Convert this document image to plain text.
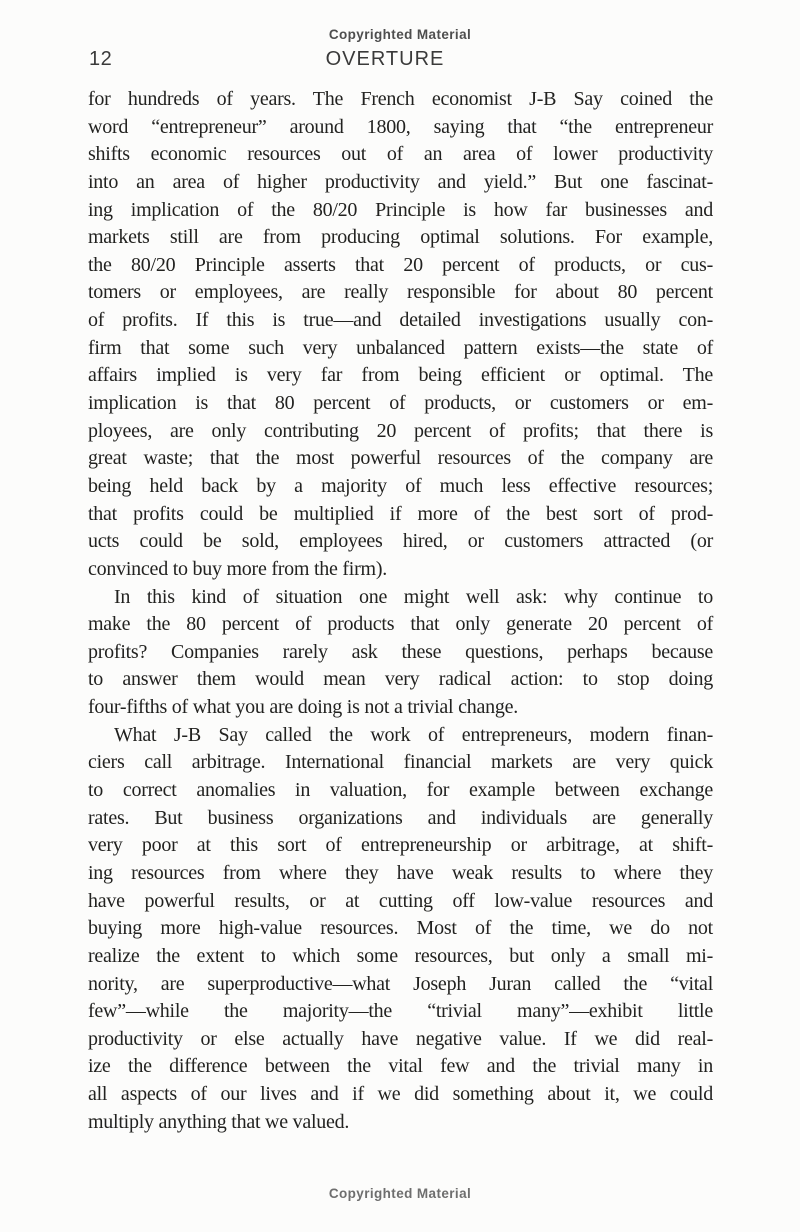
Copyrighted Material
12	OVERTURE
for hundreds of years. The French economist J-B Say coined the
word “entrepreneur” around 1800, saying that “the entrepreneur
shifts economic resources out of an area of lower productivity
into an area of higher productivity and yield.” But one fascinat-
ing implication of the 80/20 Principle is how far businesses and
markets still are from producing optimal solutions. For example,
the 80/20 Principle asserts that 20 percent of products, or cus-
tomers or employees, are really responsible for about 80 percent
of profits. If this is true—and detailed investigations usually con-
firm that some such very unbalanced pattern exists—the state of
affairs implied is very far from being efficient or optimal. The
implication is that 80 percent of products, or customers or em-
ployees, are only contributing 20 percent of profits; that there is
great waste; that the most powerful resources of the company are
being held back by a majority of much less effective resources;
that profits could be multiplied if more of the best sort of prod-
ucts could be sold, employees hired, or customers attracted (or
convinced to buy more from the firm).
In this kind of situation one might well ask: why continue to
make the 80 percent of products that only generate 20 percent of
profits? Companies rarely ask these questions, perhaps because
to answer them would mean very radical action: to stop doing
four-fifths of what you are doing is not a trivial change.
What J-B Say called the work of entrepreneurs, modern finan-
ciers call arbitrage. International financial markets are very quick
to correct anomalies in valuation, for example between exchange
rates. But business organizations and individuals are generally
very poor at this sort of entrepreneurship or arbitrage, at shift-
ing resources from where they have weak results to where they
have powerful results, or at cutting off low-value resources and
buying more high-value resources. Most of the time, we do not
realize the extent to which some resources, but only a small mi-
nority, are superproductive—what Joseph Juran called the “vital
few”—while the majority—the “trivial many”—exhibit little
productivity or else actually have negative value. If we did real-
ize the difference between the vital few and the trivial many in
all aspects of our lives and if we did something about it, we could
multiply anything that we valued.
Copyrighted Material
